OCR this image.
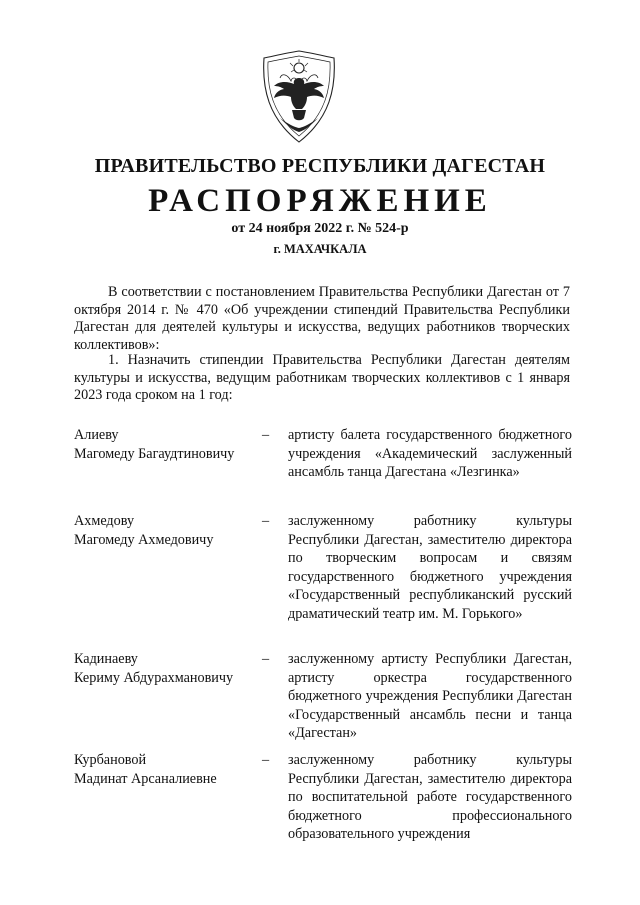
ПРАВИТЕЛЬСТВО РЕСПУБЛИКИ ДАГЕСТАН
РАСПОРЯЖЕНИЕ
от 24 ноября 2022 г. № 524-р
г. МАХАЧКАЛА
В соответствии с постановлением Правительства Республики Дагестан от 7 октября 2014 г. № 470 «Об учреждении стипендий Правительства Республики Дагестан для деятелей культуры и искусства, ведущих работников творческих коллективов»:
1. Назначить стипендии Правительства Республики Дагестан деятелям культуры и искусства, ведущим работникам творческих коллективов с 1 января 2023 года сроком на 1 год:
Алиеву
Магомеду Багаудтиновичу
– артисту балета государственного бюджетного учреждения «Академический заслуженный ансамбль танца Дагестана «Лезгинка»
Ахмедову
Магомеду Ахмедовичу
– заслуженному работнику культуры Республики Дагестан, заместителю директора по творческим вопросам и связям государственного бюджетного учреждения «Государственный республиканский русский драматический театр им. М. Горького»
Кадинаеву
Кериму Абдурахмановичу
– заслуженному артисту Республики Дагестан, артисту оркестра государственного бюджетного учреждения Республики Дагестан «Государственный ансамбль песни и танца «Дагестан»
Курбановой
Мадинат Арсаналиевне
– заслуженному работнику культуры Республики Дагестан, заместителю директора по воспитательной работе государственного бюджетного профессионального образовательного учреждения
